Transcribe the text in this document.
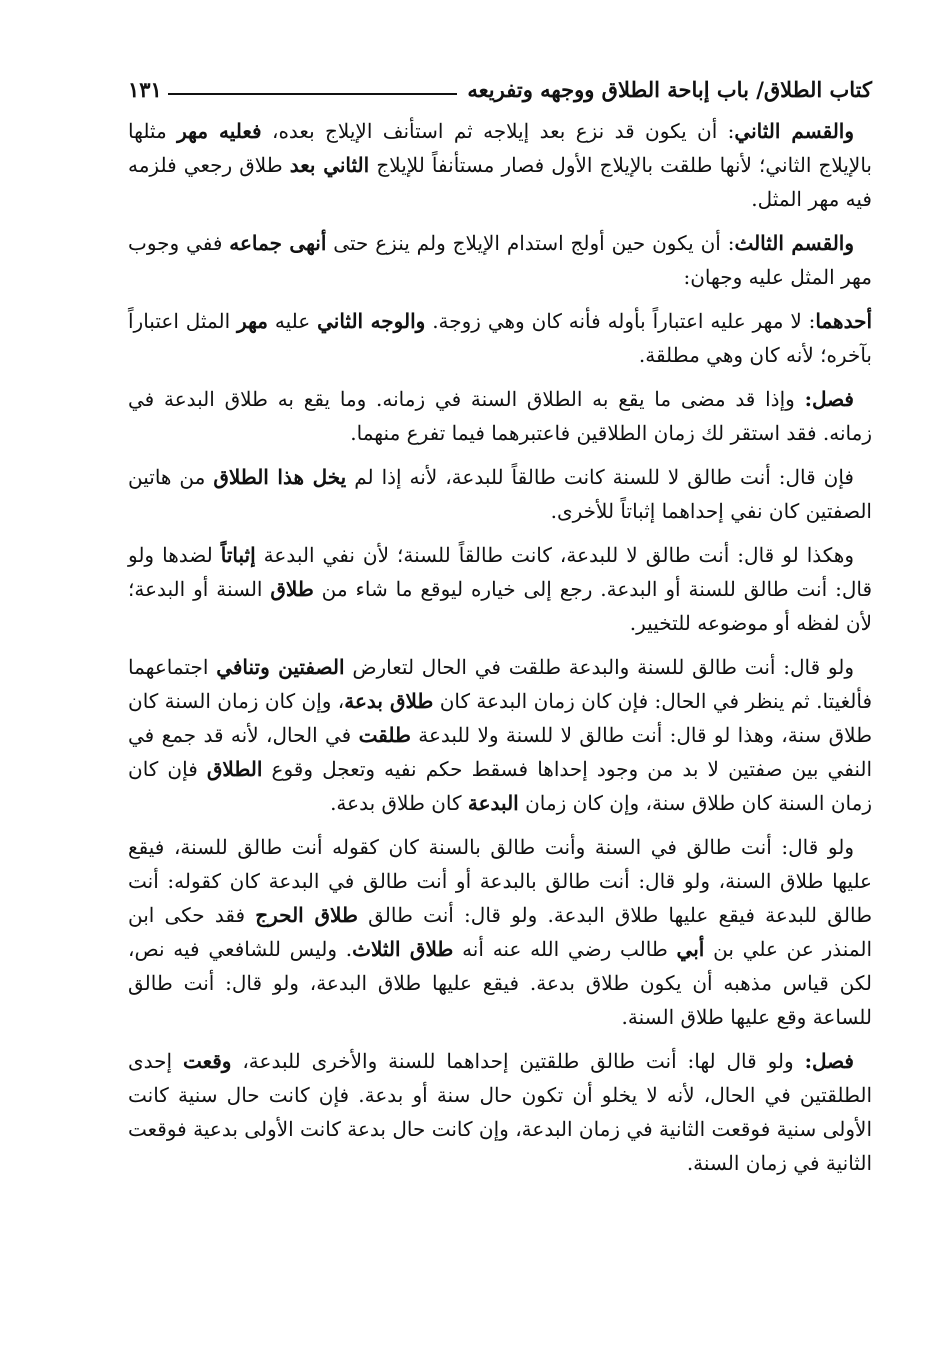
كتاب الطلاق/ باب إباحة الطلاق ووجهه وتفريعه
١٣١

والقسم الثاني: أن يكون قد نزع بعد إيلاجه ثم استأنف الإيلاج بعده، فعليه مهر مثلها بالإيلاج الثاني؛ لأنها طلقت بالإيلاج الأول فصار مستأنفاً للإيلاج الثاني بعد طلاق رجعي فلزمه فيه مهر المثل.

والقسم الثالث: أن يكون حين أولج استدام الإيلاج ولم ينزع حتى أنهى جماعه ففي وجوب مهر المثل عليه وجهان:

أحدهما: لا مهر عليه اعتباراً بأوله فأنه كان وهي زوجة. والوجه الثاني عليه مهر المثل اعتباراً بآخره؛ لأنه كان وهي مطلقة.

فصل: وإذا قد مضى ما يقع به الطلاق السنة في زمانه. وما يقع به طلاق البدعة في زمانه. فقد استقر لك زمان الطلاقين فاعتبرهما فيما تفرع منهما.

فإن قال: أنت طالق لا للسنة كانت طالقاً للبدعة، لأنه إذا لم يخل هذا الطلاق من هاتين الصفتين كان نفي إحداهما إثباتاً للأخرى.

وهكذا لو قال: أنت طالق لا للبدعة، كانت طالقاً للسنة؛ لأن نفي البدعة إثباتاً لضدها ولو قال: أنت طالق للسنة أو البدعة. رجع إلى خياره ليوقع ما شاء من طلاق السنة أو البدعة؛ لأن لفظه أو موضوعه للتخيير.

ولو قال: أنت طالق للسنة والبدعة طلقت في الحال لتعارض الصفتين وتنافي اجتماعهما فألغيتا. ثم ينظر في الحال: فإن كان زمان البدعة كان طلاق بدعة، وإن كان زمان السنة كان طلاق سنة، وهذا لو قال: أنت طالق لا للسنة ولا للبدعة طلقت في الحال، لأنه قد جمع في النفي بين صفتين لا بد من وجود إحداها فسقط حكم نفيه وتعجل وقوع الطلاق فإن كان زمان السنة كان طلاق سنة، وإن كان زمان البدعة كان طلاق بدعة.

ولو قال: أنت طالق في السنة وأنت طالق بالسنة كان كقوله أنت طالق للسنة، فيقع عليها طلاق السنة، ولو قال: أنت طالق بالبدعة أو أنت طالق في البدعة كان كقوله: أنت طالق للبدعة فيقع عليها طلاق البدعة. ولو قال: أنت طالق طلاق الحرج فقد حكى ابن المنذر عن علي بن أبي طالب رضي الله عنه أنه طلاق الثلاث. وليس للشافعي فيه نص، لكن قياس مذهبه أن يكون طلاق بدعة. فيقع عليها طلاق البدعة، ولو قال: أنت طالق للساعة وقع عليها طلاق السنة.

فصل: ولو قال لها: أنت طالق طلقتين إحداهما للسنة والأخرى للبدعة، وقعت إحدى الطلقتين في الحال، لأنه لا يخلو أن تكون حال سنة أو بدعة. فإن كانت حال سنية كانت الأولى سنية فوقعت الثانية في زمان البدعة، وإن كانت حال بدعة كانت الأولى بدعية فوقعت الثانية في زمان السنة.
